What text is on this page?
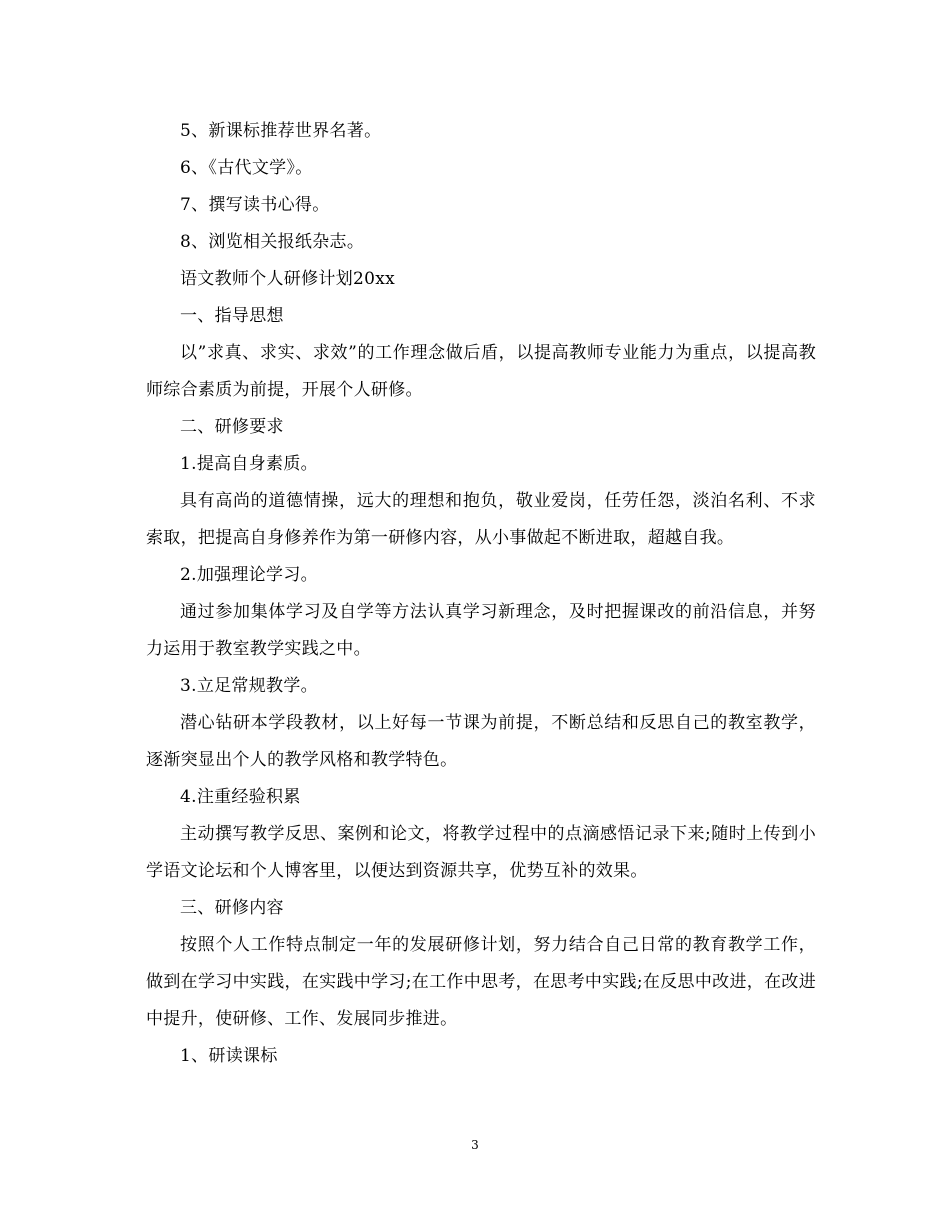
5、新课标推荐世界名著。

6、《古代文学》。

7、撰写读书心得。

8、浏览相关报纸杂志。

语文教师个人研修计划20xx

一、指导思想

以”求真、求实、求效”的工作理念做后盾，以提高教师专业能力为重点，以提高教师综合素质为前提，开展个人研修。

二、研修要求

1.提高自身素质。

具有高尚的道德情操，远大的理想和抱负，敬业爱岗，任劳任怨，淡泊名利、不求索取，把提高自身修养作为第一研修内容，从小事做起不断进取，超越自我。

2.加强理论学习。

通过参加集体学习及自学等方法认真学习新理念，及时把握课改的前沿信息，并努力运用于教室教学实践之中。

3.立足常规教学。

潜心钻研本学段教材，以上好每一节课为前提，不断总结和反思自己的教室教学，逐渐突显出个人的教学风格和教学特色。

4.注重经验积累

主动撰写教学反思、案例和论文，将教学过程中的点滴感悟记录下来;随时上传到小学语文论坛和个人博客里，以便达到资源共享，优势互补的效果。

三、研修内容

按照个人工作特点制定一年的发展研修计划，努力结合自己日常的教育教学工作，做到在学习中实践，在实践中学习;在工作中思考，在思考中实践;在反思中改进，在改进中提升，使研修、工作、发展同步推进。

1、研读课标

3
